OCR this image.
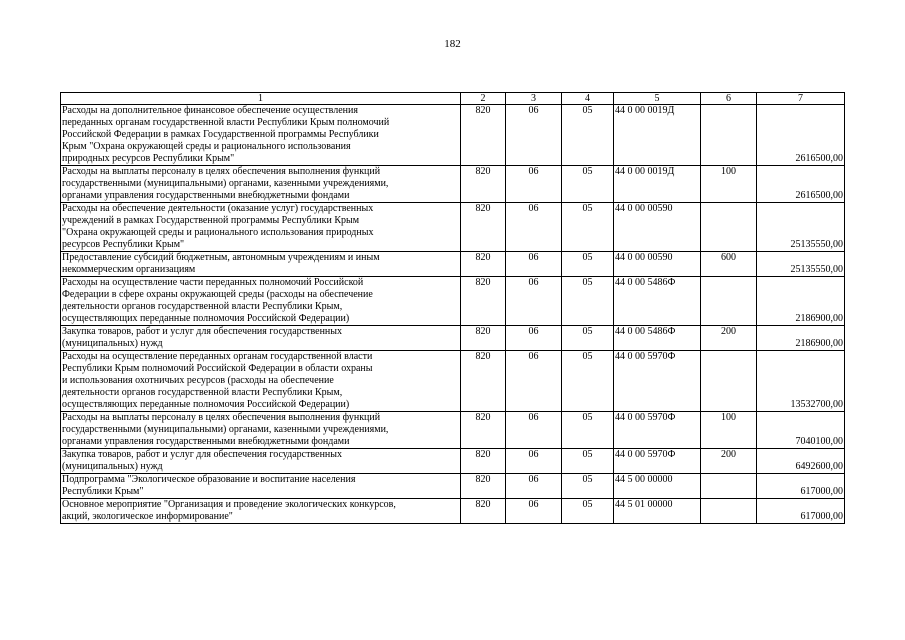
182
1	2	3	4	5	6	7
Расходы на дополнительное финансовое обеспечение осуществления
переданных органам государственной власти Республики Крым полномочий
Российской Федерации в рамках Государственной программы Республики
Крым "Охрана окружающей среды и рационального использования
природных ресурсов Республики Крым"	820	06	05	44 0 00 0019Д		2616500,00
Расходы на выплаты персоналу в целях обеспечения выполнения функций
государственными (муниципальными) органами, казенными учреждениями,
органами управления государственными внебюджетными фондами	820	06	05	44 0 00 0019Д	100	2616500,00
Расходы на обеспечение деятельности (оказание услуг) государственных
учреждений в рамках Государственной программы Республики Крым
"Охрана окружающей среды и рационального использования природных
ресурсов Республики Крым"	820	06	05	44 0 00 00590		25135550,00
Предоставление субсидий бюджетным, автономным учреждениям и иным
некоммерческим организациям	820	06	05	44 0 00 00590	600	25135550,00
Расходы на осуществление части переданных полномочий Российской
Федерации в сфере охраны окружающей среды (расходы на обеспечение
деятельности органов государственной власти Республики Крым,
осуществляющих переданные полномочия Российской Федерации)	820	06	05	44 0 00 5486Ф		2186900,00
Закупка товаров, работ и услуг для обеспечения государственных
(муниципальных) нужд	820	06	05	44 0 00 5486Ф	200	2186900,00
Расходы на осуществление переданных органам государственной власти
Республики Крым полномочий Российской Федерации в области охраны
и использования охотничьих ресурсов (расходы на обеспечение
деятельности органов государственной власти Республики Крым,
осуществляющих переданные полномочия Российской Федерации)	820	06	05	44 0 00 5970Ф		13532700,00
Расходы на выплаты персоналу в целях обеспечения выполнения функций
государственными (муниципальными) органами, казенными учреждениями,
органами управления государственными внебюджетными фондами	820	06	05	44 0 00 5970Ф	100	7040100,00
Закупка товаров, работ и услуг для обеспечения государственных
(муниципальных) нужд	820	06	05	44 0 00 5970Ф	200	6492600,00
Подпрограмма "Экологическое образование и воспитание населения
Республики Крым"	820	06	05	44 5 00 00000		617000,00
Основное мероприятие "Организация и проведение экологических конкурсов,
акций, экологическое информирование"	820	06	05	44 5 01 00000		617000,00
